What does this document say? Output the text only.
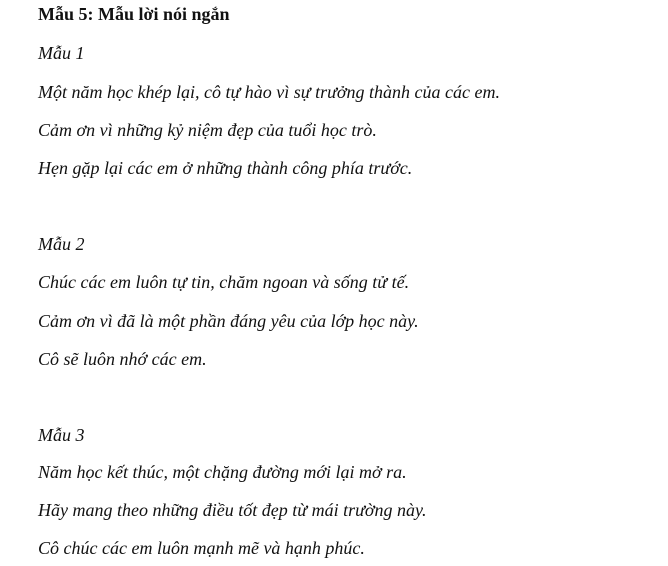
Mẫu 5: Mẫu lời nói ngắn
Mẫu 1
Một năm học khép lại, cô tự hào vì sự trưởng thành của các em.
Cảm ơn vì những kỷ niệm đẹp của tuổi học trò.
Hẹn gặp lại các em ở những thành công phía trước.
Mẫu 2
Chúc các em luôn tự tin, chăm ngoan và sống tử tế.
Cảm ơn vì đã là một phần đáng yêu của lớp học này.
Cô sẽ luôn nhớ các em.
Mẫu 3
Năm học kết thúc, một chặng đường mới lại mở ra.
Hãy mang theo những điều tốt đẹp từ mái trường này.
Cô chúc các em luôn mạnh mẽ và hạnh phúc.
